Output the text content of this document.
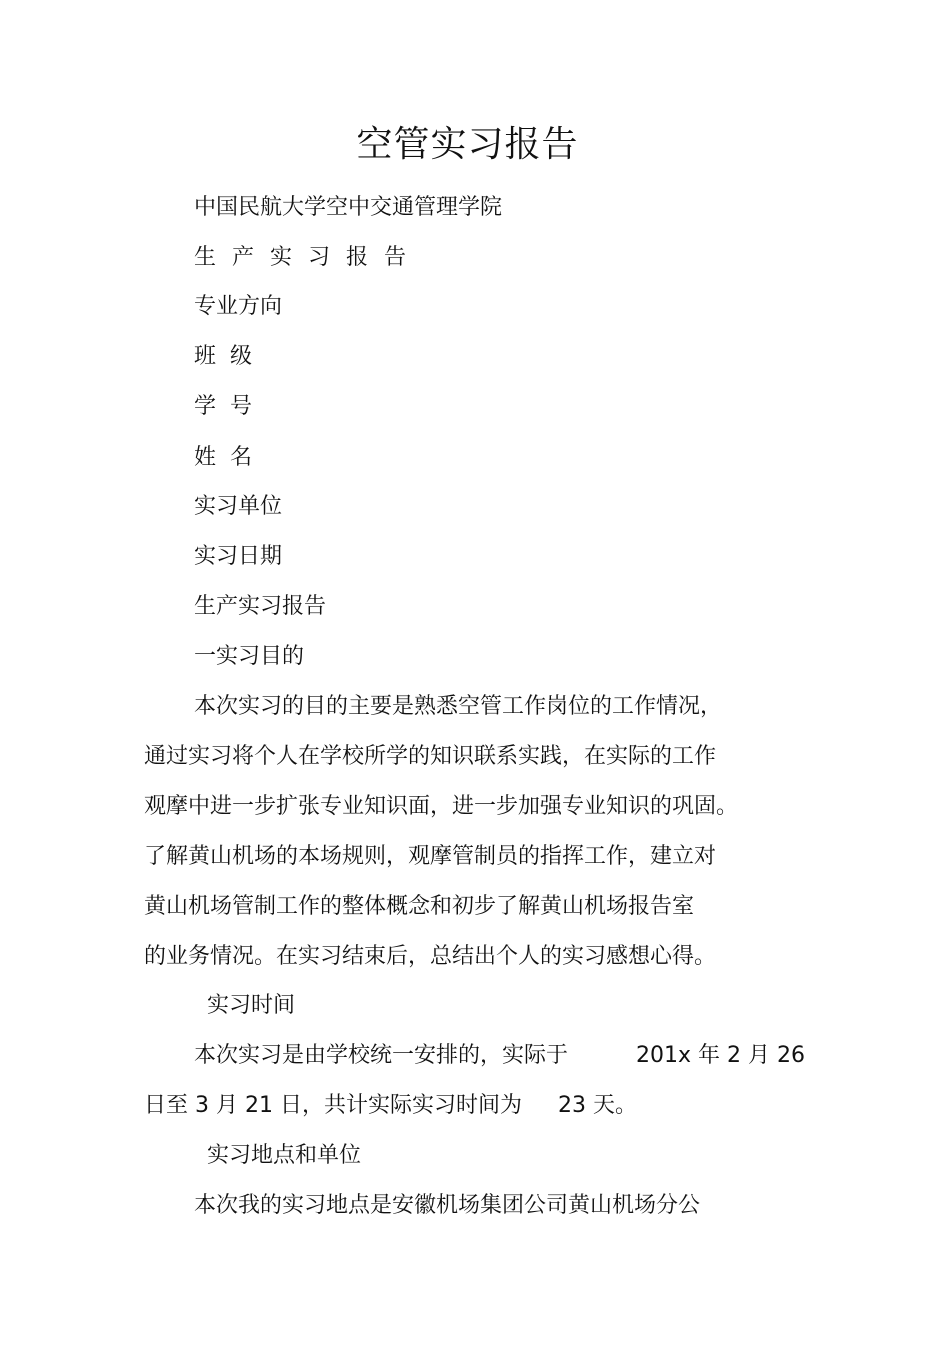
空管实习报告
中国民航大学空中交通管理学院
生产实习报告
专业方向
班级
学号
姓名
实习单位
实习日期
生产实习报告
一实习目的
本次实习的目的主要是熟悉空管工作岗位的工作情况，
通过实习将个人在学校所学的知识联系实践，在实际的工作
观摩中进一步扩张专业知识面，进一步加强专业知识的巩固。
了解黄山机场的本场规则，观摩管制员的指挥工作，建立对
黄山机场管制工作的整体概念和初步了解黄山机场报告室
的业务情况。在实习结束后，总结出个人的实习感想心得。
实习时间
本次实习是由学校统一安排的，实际于	201x 年 2 月 26
日至 3 月 21 日，共计实际实习时间为 23 天。
实习地点和单位
本次我的实习地点是安徽机场集团公司黄山机场分公
